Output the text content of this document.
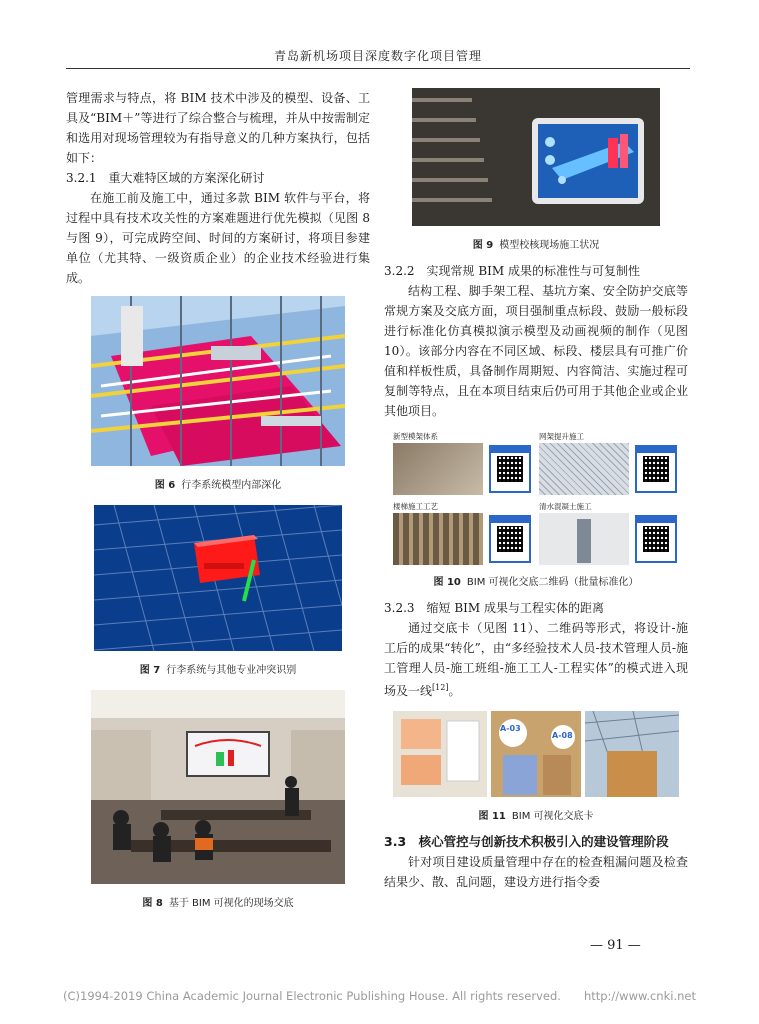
青岛新机场项目深度数字化项目管理

管理需求与特点，将 BIM 技术中涉及的模型、设备、工具及“BIM＋”等进行了综合整合与梳理，并从中按需制定和选用对现场管理较为有指导意义的几种方案执行，包括如下：

3.2.1　重大难特区域的方案深化研讨

在施工前及施工中，通过多款 BIM 软件与平台，将过程中具有技术攻关性的方案难题进行优先模拟（见图 8 与图 9），可完成跨空间、时间的方案研讨，将项目参建单位（尤其特、一级资质企业）的企业技术经验进行集成。

图 6 行李系统模型内部深化

图 7 行李系统与其他专业冲突识别

图 8 基于 BIM 可视化的现场交底

图 9 模型校核现场施工状况

3.2.2　实现常规 BIM 成果的标准性与可复制性

结构工程、脚手架工程、基坑方案、安全防护交底等常规方案及交底方面，项目强制重点标段、鼓励一般标段进行标准化仿真模拟演示模型及动画视频的制作（见图 10）。该部分内容在不同区域、标段、楼层具有可推广价值和样板性质，具备制作周期短、内容简洁、实施过程可复制等特点，且在本项目结束后仍可用于其他企业或企业其他项目。

新型模架体系	网架提升施工
楼梯施工工艺	清水混凝土施工

图 10 BIM 可视化交底二维码（批量标准化）

3.2.3　缩短 BIM 成果与工程实体的距离

通过交底卡（见图 11）、二维码等形式，将设计-施工后的成果“转化”，由“多经验技术人员-技术管理人员-施工管理人员-施工班组-施工工人-工程实体”的模式进入现场及一线[12]。

A-03
A-08

图 11 BIM 可视化交底卡

3.3　核心管控与创新技术积极引入的建设管理阶段

针对项目建设质量管理中存在的检查粗漏问题及检查结果少、散、乱问题，建设方进行指令委

— 91 —
(C)1994-2019 China Academic Journal Electronic Publishing House. All rights reserved.　　http://www.cnki.net
